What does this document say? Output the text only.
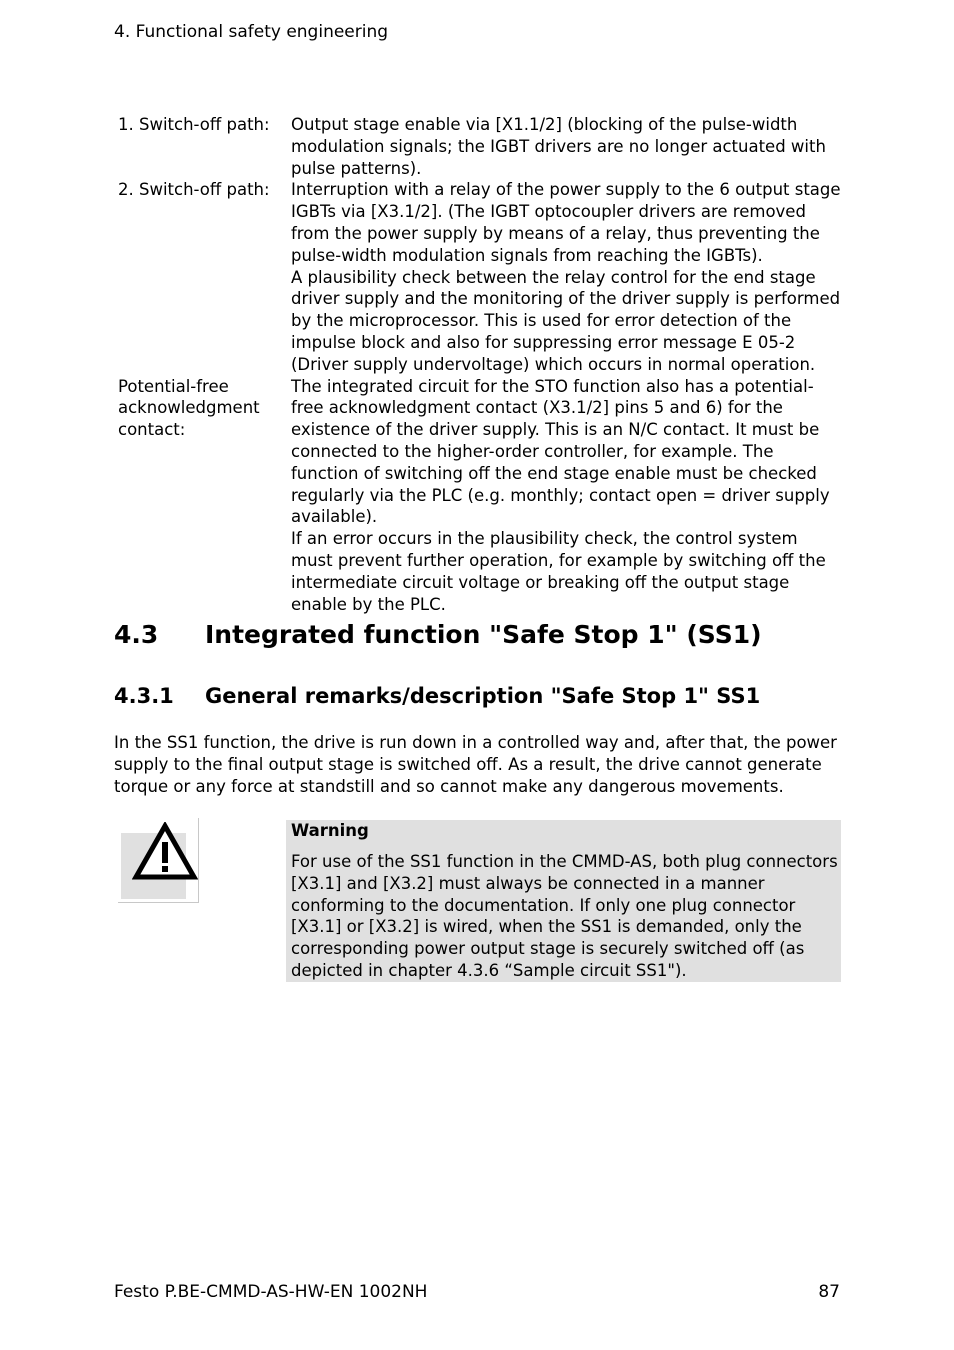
4. Functional safety engineering
1. Switch-off path:	Output stage enable via [X1.1/2] (blocking of the pulse-width modulation signals; the IGBT drivers are no longer actuated with pulse patterns).

2. Switch-off path:	Interruption with a relay of the power supply to the 6 output stage IGBTs via [X3.1/2]. (The IGBT optocoupler drivers are removed from the power supply by means of a relay, thus preventing the pulse-width modulation signals from reaching the IGBTs).

A plausibility check between the relay control for the end stage driver supply and the monitoring of the driver supply is performed by the microprocessor. This is used for error detection of the impulse block and also for suppressing error message E 05-2 (Driver supply undervoltage) which occurs in normal operation.

Potential-free acknowledgment contact:

The integrated circuit for the STO function also has a potential-free acknowledgment contact (X3.1/2] pins 5 and 6) for the existence of the driver supply. This is an N/C contact. It must be connected to the higher-order controller, for example. The function of switching off the end stage enable must be checked regularly via the PLC (e.g. monthly; contact open = driver supply available).

If an error occurs in the plausibility check, the control system must prevent further operation, for example by switching off the intermediate circuit voltage or breaking off the output stage enable by the PLC.

4.3 Integrated function "Safe Stop 1" (SS1)
4.3.1 General remarks/description "Safe Stop 1" SS1

In the SS1 function, the drive is run down in a controlled way and, after that, the power supply to the final output stage is switched off. As a result, the drive cannot generate torque or any force at standstill and so cannot make any dangerous movements.

Warning

For use of the SS1 function in the CMMD-AS, both plug connectors [X3.1] and [X3.2] must always be connected in a manner conforming to the documentation. If only one plug connector [X3.1] or [X3.2] is wired, when the SS1 is demanded, only the corresponding power output stage is securely switched off (as depicted in chapter 4.3.6 “Sample circuit SS1").

Festo P.BE-CMMD-AS-HW-EN 1002NH	87
